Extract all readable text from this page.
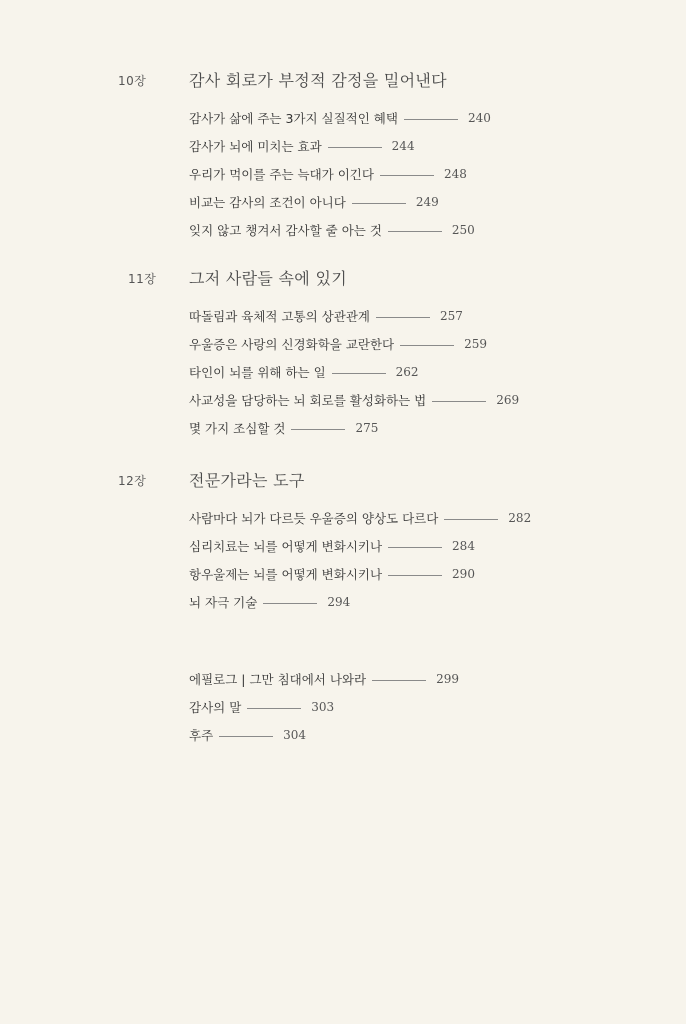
10장	감사 회로가 부정적 감정을 밀어낸다
감사가 삶에 주는 3가지 실질적인 혜택	240
감사가 뇌에 미치는 효과	244
우리가 먹이를 주는 늑대가 이긴다	248
비교는 감사의 조건이 아니다	249
잊지 않고 챙겨서 감사할 줄 아는 것	250
11장 그저 사람들 속에 있기
따돌림과 육체적 고통의 상관관계	257
우울증은 사랑의 신경화학을 교란한다	259
타인이 뇌를 위해 하는 일	262
사교성을 담당하는 뇌 회로를 활성화하는 법	269
몇 가지 조심할 것	275
12장	전문가라는 도구
사람마다 뇌가 다르듯 우울증의 양상도 다르다	282
심리치료는 뇌를 어떻게 변화시키나	284
항우울제는 뇌를 어떻게 변화시키나	290
뇌 자극 기술	294
에필로그 | 그만 침대에서 나와라	299
감사의 말	303
후주	304
